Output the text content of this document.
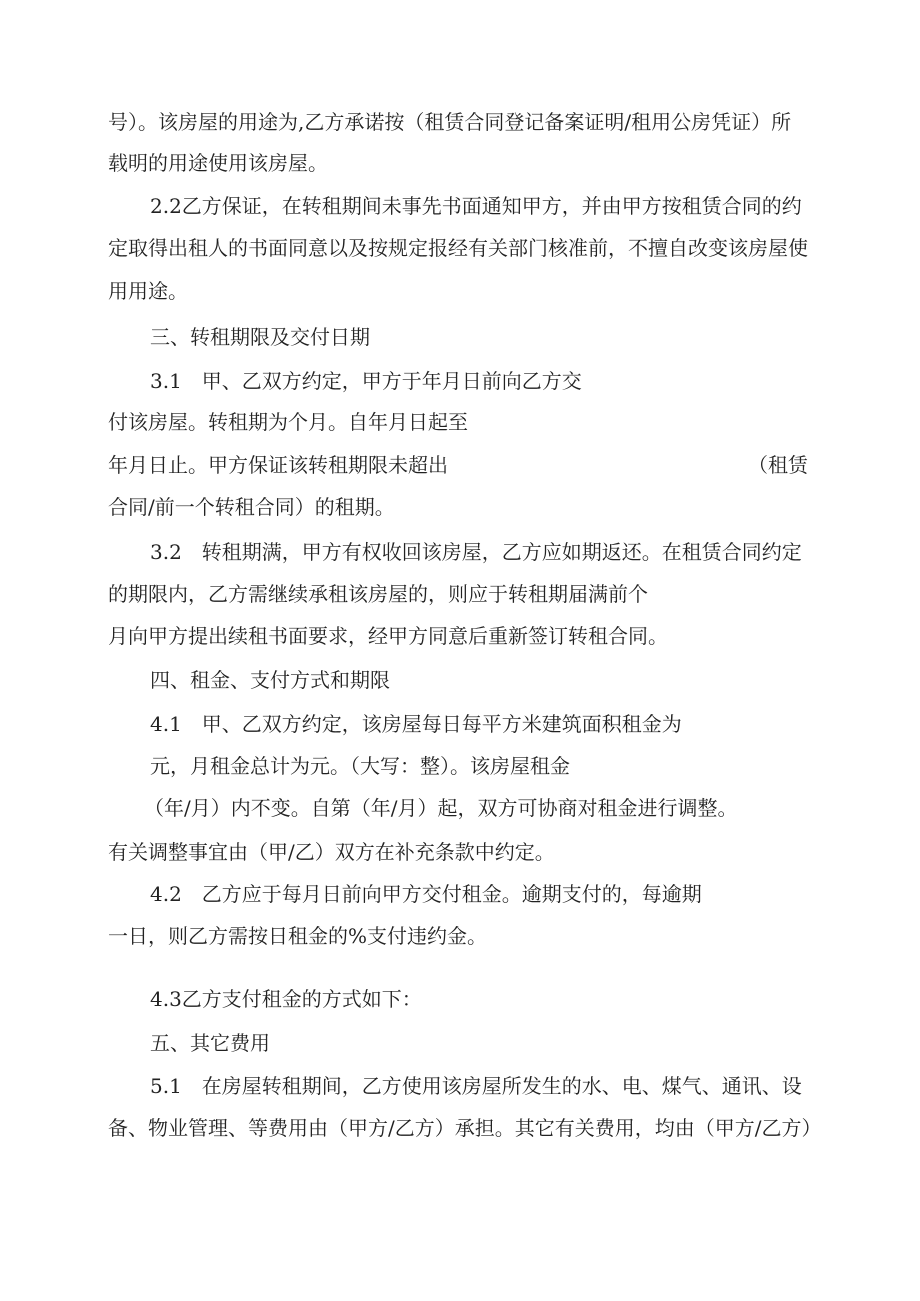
号）。该房屋的用途为,乙方承诺按（租赁合同登记备案证明/租用公房凭证）所

载明的用途使用该房屋。

2.2乙方保证，在转租期间未事先书面通知甲方，并由甲方按租赁合同的约

定取得出租人的书面同意以及按规定报经有关部门核准前，不擅自改变该房屋使

用用途。

三、转租期限及交付日期

3.1　甲、乙双方约定，甲方于年月日前向乙方交

付该房屋。转租期为个月。自年月日起至

年月日止。甲方保证该转租期限未超出	（租赁

合同/前一个转租合同）的租期。

3.2　转租期满，甲方有权收回该房屋，乙方应如期返还。在租赁合同约定

的期限内，乙方需继续承租该房屋的，则应于转租期届满前个

月向甲方提出续租书面要求，经甲方同意后重新签订转租合同。

四、租金、支付方式和期限

4.1　甲、乙双方约定，该房屋每日每平方米建筑面积租金为

元，月租金总计为元。（大写：整）。该房屋租金

（年/月）内不变。自第（年/月）起，双方可协商对租金进行调整。

有关调整事宜由（甲/乙）双方在补充条款中约定。

4.2　乙方应于每月日前向甲方交付租金。逾期支付的，每逾期

一日，则乙方需按日租金的%支付违约金。

4.3乙方支付租金的方式如下：

五、其它费用

5.1　在房屋转租期间，乙方使用该房屋所发生的水、电、煤气、通讯、设

备、物业管理、等费用由（甲方/乙方）承担。其它有关费用，均由（甲方/乙方）
